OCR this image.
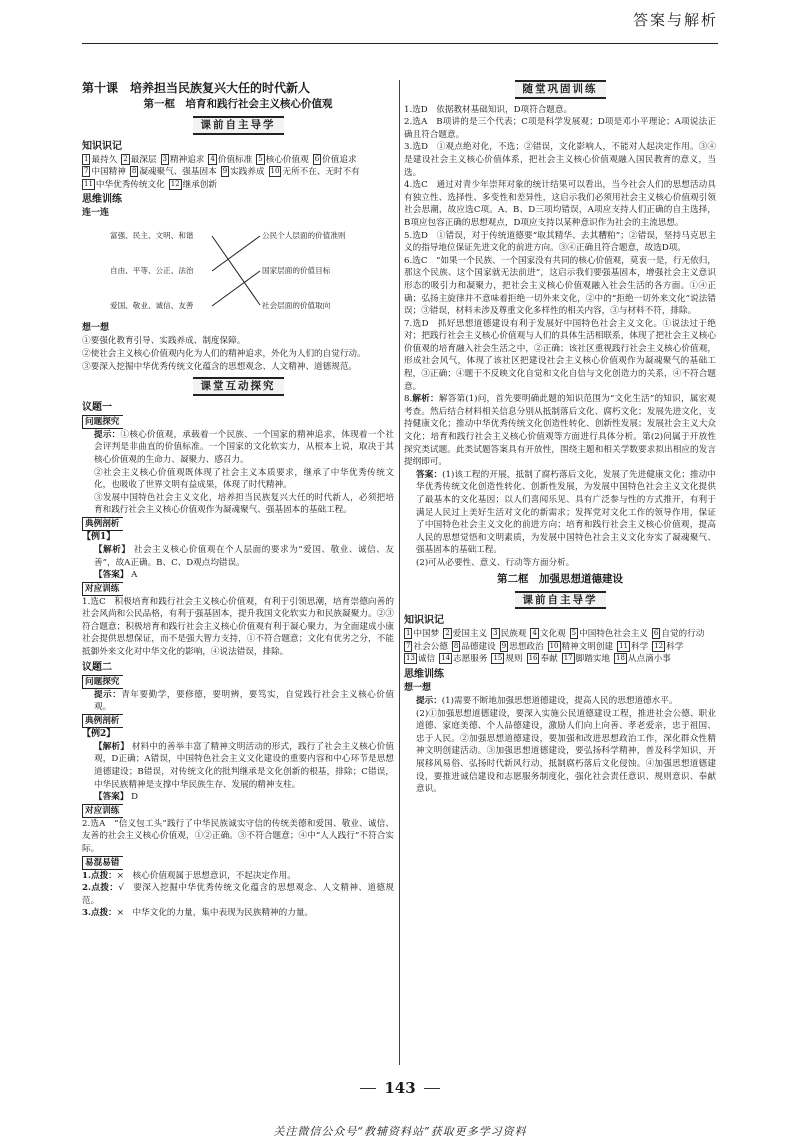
答案与解析
第十课　培养担当民族复兴大任的时代新人
第一框　培育和践行社会主义核心价值观
课前自主导学
知识识记
1 最持久 2 最深层 3 精神追求 4 价值标准 5 核心价值观 6 价值追求7 中国精神 8 凝魂聚气、强基固本 9 实践养成 10 无所不在、无时不有11 中华优秀传统文化 12 继承创新
思维训练
连一连
富强、民主、文明、和谐
自由、平等、公正、法治
爱国、敬业、诚信、友善
公民个人层面的价值准则
国家层面的价值目标
社会层面的价值取向
想一想
①要强化教育引导、实践养成、制度保障。
②使社会主义核心价值观内化为人们的精神追求，外化为人们的自觉行动。
③要深入挖掘中华优秀传统文化蕴含的思想观念、人文精神、道德规范。
课堂互动探究
议题一
问题探究
提示：①核心价值观，承载着一个民族、一个国家的精神追求，体现着一个社会评判是非曲直的价值标准。一个国家的文化软实力，从根本上说，取决于其核心价值观的生命力、凝聚力、感召力。
②社会主义核心价值观既体现了社会主义本质要求，继承了中华优秀传统文化，也吸收了世界文明有益成果，体现了时代精神。
③发展中国特色社会主义文化，培养担当民族复兴大任的时代新人，必须把培育和践行社会主义核心价值观作为凝魂聚气、强基固本的基础工程。
典例剖析
【例1】
【解析】 社会主义核心价值观在个人层面的要求为“爱国、敬业、诚信、友善”，故A正确。B、C、D观点均错误。
【答案】 A
对应训练
1.选C　积极培育和践行社会主义核心价值观，有利于引领思潮，培育崇德向善的社会风尚和公民品格，有利于强基固本，提升我国文化软实力和民族凝聚力。②③符合题意；积极培育和践行社会主义核心价值观有利于凝心聚力，为全面建成小康社会提供思想保证，而不是强大智力支持，①不符合题意；文化有优劣之分，不能抵御外来文化对中华文化的影响，④说法错误，排除。
议题二
问题探究
提示：青年要勤学，要修德，要明辨，要笃实，自觉践行社会主义核心价值观。
典例剖析
【例2】
【解析】 材料中的善举丰富了精神文明活动的形式，践行了社会主义核心价值观，D正确；A错误，中国特色社会主义文化建设的重要内容和中心环节是思想道德建设；B错误，对传统文化的批判继承是文化创新的根基，排除；C错误，中华民族精神是支撑中华民族生存、发展的精神支柱。
【答案】 D
对应训练
2.选A　“信义包工头”践行了中华民族诚实守信的传统美德和爱国、敬业、诚信、友善的社会主义核心价值观，①②正确。③不符合题意；④中“人人践行”不符合实际。
易混易错
1.点拨：×　核心价值观属于思想意识，不起决定作用。
2.点拨：√　要深入挖掘中华优秀传统文化蕴含的思想观念、人文精神、道德规范。
3.点拨：×　中华文化的力量，集中表现为民族精神的力量。
随堂巩固训练
1.选D　依据教材基础知识，D项符合题意。
2.选A　B项讲的是三个代表；C项是科学发展观；D项是邓小平理论；A项说法正确且符合题意。
3.选D　①观点绝对化，不选；②错误，文化影响人，不能对人起决定作用。③④是建设社会主义核心价值体系，把社会主义核心价值观融入国民教育的意义，当选。
4.选C　通过对青少年崇拜对象的统计结果可以看出，当今社会人们的思想活动具有独立性、选择性、多变性和差异性，这启示我们必须用社会主义核心价值观引领社会思潮，故应选C项。A、B、D三项均错误，A项应支持人们正确的自主选择，B项应包容正确的思想观点，D项应支持以某种意识作为社会的主流思想。
5.选D　①错误，对于传统道德要“取其精华、去其糟粕”；②错误，坚持马克思主义的指导地位保证先进文化的前进方向。③④正确且符合题意，故选D项。
6.选C　“如果一个民族、一个国家没有共同的核心价值观，莫衷一是，行无依归，那这个民族、这个国家就无法前进”，这启示我们要强基固本，增强社会主义意识形态的吸引力和凝聚力，把社会主义核心价值观融入社会生活的各方面。①④正确；弘扬主旋律并不意味着拒绝一切外来文化，②中的“拒绝一切外来文化”说法错误；③错误，材料未涉及尊重文化多样性的相关内容，③与材料不符，排除。
7.选D　抓好思想道德建设有利于发展好中国特色社会主义文化。①说法过于绝对；把践行社会主义核心价值观与人们的具体生活相联系，体现了把社会主义核心价值观的培育融入社会生活之中，②正确；该社区重视践行社会主义核心价值观，形成社会风气，体现了该社区把建设社会主义核心价值观作为凝魂聚气的基础工程，③正确；④题干不反映文化自觉和文化自信与文化创造力的关系，④不符合题意。
8.解析：解答第(1)问，首先要明确此题的知识范围为“文化生活”的知识，属宏观考查。然后结合材料相关信息分别从抵制落后文化、腐朽文化；发展先进文化，支持健康文化；推动中华优秀传统文化创造性转化、创新性发展；发展社会主义大众文化；培育和践行社会主义核心价值观等方面进行具体分析。第(2)问属于开放性探究类试题。此类试题答案具有开放性，围绕主题和相关学数要求拟出相应的发言提纲即可。
答案：(1)该工程的开展，抵制了腐朽落后文化，发展了先进健康文化；推动中华优秀传统文化创造性转化、创新性发展，为发展中国特色社会主义文化提供了最基本的文化基因；以人们喜闻乐见、具有广泛参与性的方式推开，有利于满足人民过上美好生活对文化的新需求；发挥党对文化工作的领导作用，保证了中国特色社会主义文化的前进方向；培育和践行社会主义核心价值观，提高人民的思想觉悟和文明素质，为发展中国特色社会主义文化夯实了凝魂聚气、强基固本的基础工程。
(2)可从必要性、意义、行动等方面分析。
第二框　加强思想道德建设
课前自主导学
知识识记
1 中国梦 2 爱国主义 3 民族观 4 文化观 5 中国特色社会主义 6 自觉的行动7 社会公德 8 品德建设 9 思想政治 10 精神文明创建 11 科学 12 科学13 诚信 14 志愿服务 15 规则 16 奉献 17 脚踏实地 18 从点滴小事
思维训练
想一想
提示：(1)需要不断地加强思想道德建设，提高人民的思想道德水平。
(2)①加强思想道德建设，要深入实施公民道德建设工程，推进社会公德、职业道德、家庭美德、个人品德建设，激励人们向上向善、孝老爱亲，忠于祖国、忠于人民。②加强思想道德建设，要加强和改进思想政治工作，深化群众性精神文明创建活动。③加强思想道德建设，要弘扬科学精神，普及科学知识，开展移风易俗、弘扬时代新风行动，抵制腐朽落后文化侵蚀。④加强思想道德建设，要推进诚信建设和志愿服务制度化，强化社会责任意识、规则意识、奉献意识。
143
关注微信公众号“教辅资料站”获取更多学习资料
